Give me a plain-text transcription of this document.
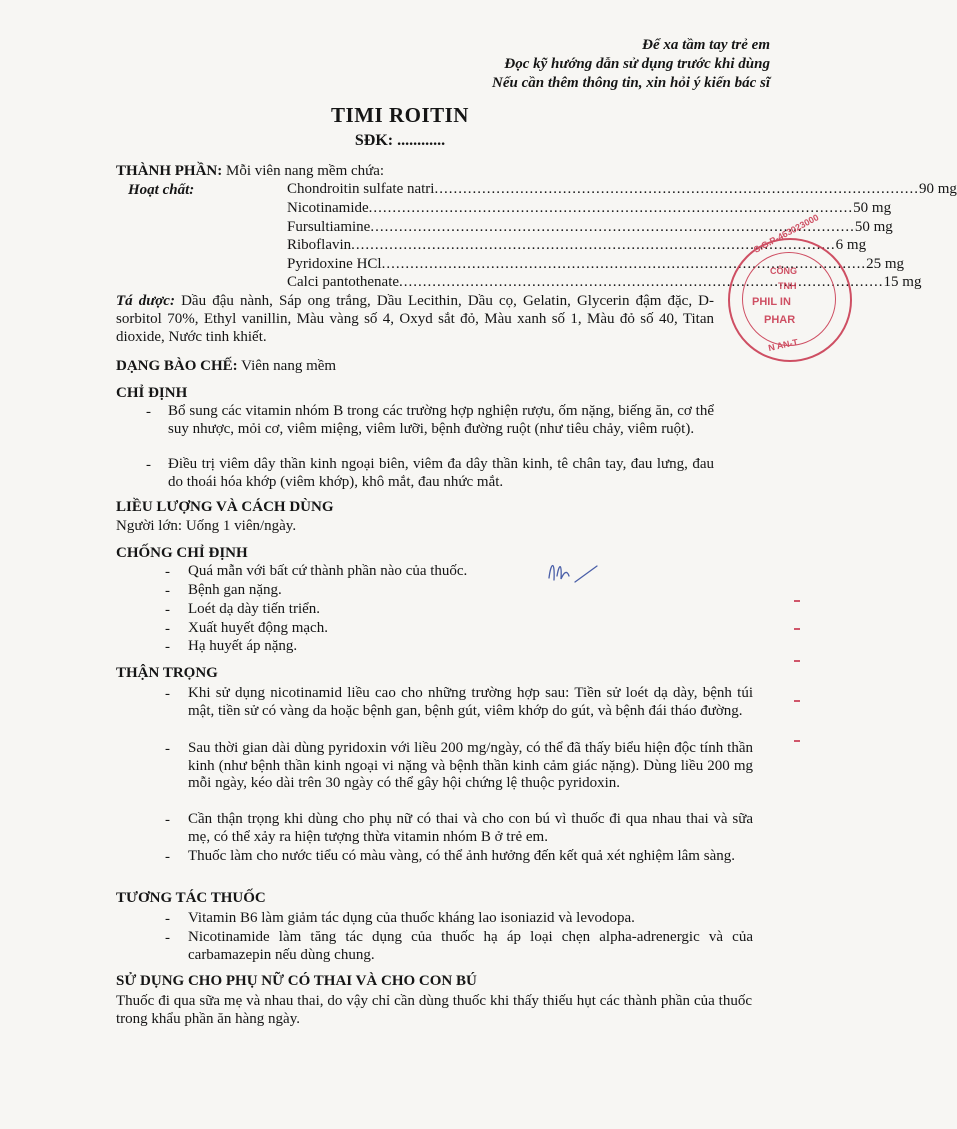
Để xa tầm tay trẻ em
Đọc kỹ hướng dẫn sử dụng trước khi dùng
Nếu cần thêm thông tin, xin hỏi ý kiến bác sĩ
TIMI ROITIN
SĐK: ............
THÀNH PHẦN: Mỗi viên nang mềm chứa:
Hoạt chất:	Chondroitin sulfate natri .....	90 mg
Nicotinamide .....	50 mg
Fursultiamine .....	50 mg
Riboflavin .....	6 mg
Pyridoxine HCl .....	25 mg
Calci pantothenate .....	15 mg
Tá dược: Dầu đậu nành, Sáp ong trắng, Dầu Lecithin, Dầu cọ, Gelatin, Glycerin đậm đặc, D-sorbitol 70%, Ethyl vanillin, Màu vàng số 4, Oxyd sắt đỏ, Màu xanh số 1, Màu đỏ số 40, Titan dioxide, Nước tinh khiết.
DẠNG BÀO CHẾ: Viên nang mềm
CHỈ ĐỊNH
- Bổ sung các vitamin nhóm B trong các trường hợp nghiện rượu, ốm nặng, biếng ăn, cơ thể suy nhược, mỏi cơ, viêm miệng, viêm lưỡi, bệnh đường ruột (như tiêu chảy, viêm ruột).
- Điều trị viêm dây thần kinh ngoại biên, viêm đa dây thần kinh, tê chân tay, đau lưng, đau do thoái hóa khớp (viêm khớp), khô mắt, đau nhức mắt.
LIỀU LƯỢNG VÀ CÁCH DÙNG
Người lớn: Uống 1 viên/ngày.
CHỐNG CHỈ ĐỊNH
- Quá mẫn với bất cứ thành phần nào của thuốc.
- Bệnh gan nặng.
- Loét dạ dày tiến triển.
- Xuất huyết động mạch.
- Hạ huyết áp nặng.
THẬN TRỌNG
- Khi sử dụng nicotinamid liều cao cho những trường hợp sau: Tiền sử loét dạ dày, bệnh túi mật, tiền sử có vàng da hoặc bệnh gan, bệnh gút, viêm khớp do gút, và bệnh đái tháo đường.
- Sau thời gian dài dùng pyridoxin với liều 200 mg/ngày, có thể đã thấy biểu hiện độc tính thần kinh (như bệnh thần kinh ngoại vi nặng và bệnh thần kinh cảm giác nặng). Dùng liều 200 mg mỗi ngày, kéo dài trên 30 ngày có thể gây hội chứng lệ thuộc pyridoxin.
- Cần thận trọng khi dùng cho phụ nữ có thai và cho con bú vì thuốc đi qua nhau thai và sữa mẹ, có thể xảy ra hiện tượng thừa vitamin nhóm B ở trẻ em.
- Thuốc làm cho nước tiểu có màu vàng, có thể ảnh hưởng đến kết quả xét nghiệm lâm sàng.
TƯƠNG TÁC THUỐC
- Vitamin B6 làm giảm tác dụng của thuốc kháng lao isoniazid và levodopa.
- Nicotinamide làm tăng tác dụng của thuốc hạ áp loại chẹn alpha-adrenergic và của carbamazepin nếu dùng chung.
SỬ DỤNG CHO PHỤ NỮ CÓ THAI VÀ CHO CON BÚ
Thuốc đi qua sữa mẹ và nhau thai, do vậy chỉ cần dùng thuốc khi thấy thiếu hụt các thành phần của thuốc trong khẩu phần ăn hàng ngày.
S.G.P-463023000
CÔNG
TNH
PHIL IN
PHAR
N AN-T
